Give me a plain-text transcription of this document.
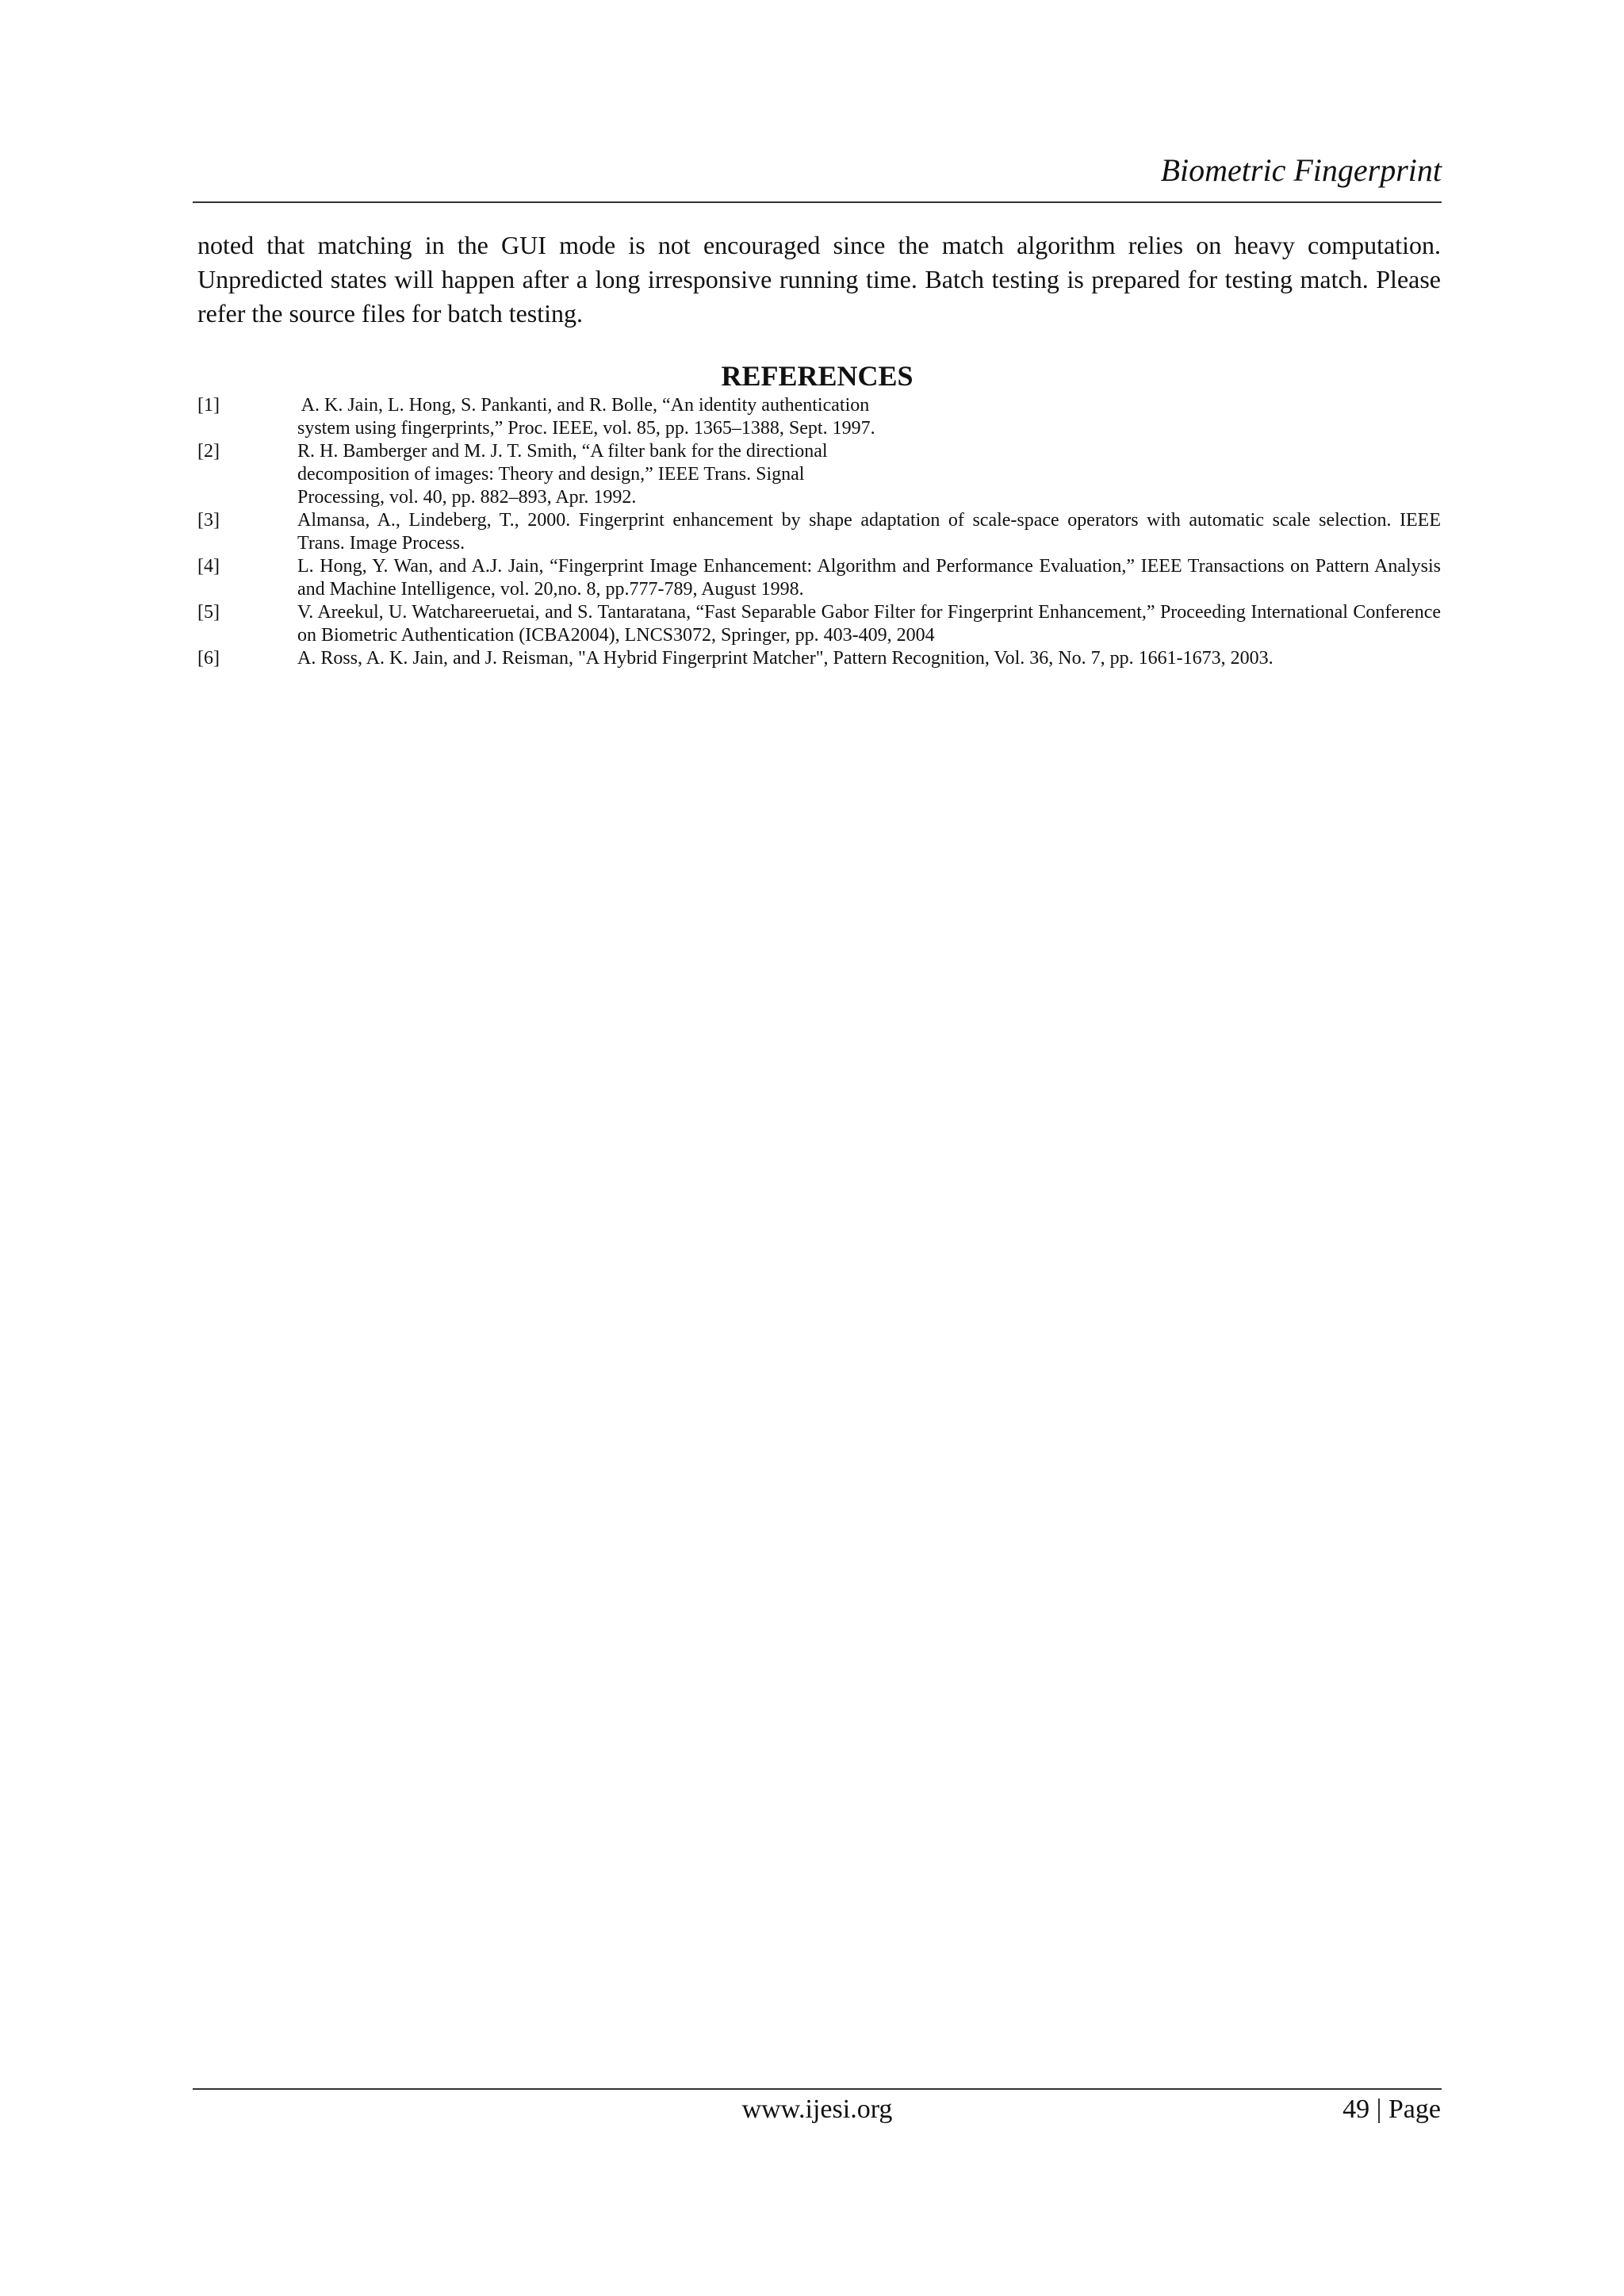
Biometric Fingerprint

noted that matching in the GUI mode is not encouraged since the match algorithm relies on heavy computation. Unpredicted states will happen after a long irresponsive running time. Batch testing is prepared for testing match. Please refer the source files for batch testing.

REFERENCES
[1]	A. K. Jain, L. Hong, S. Pankanti, and R. Bolle, “An identity authentication
system using fingerprints,” Proc. IEEE, vol. 85, pp. 1365–1388, Sept. 1997.
[2]	R. H. Bamberger and M. J. T. Smith, “A filter bank for the directional
decomposition of images: Theory and design,” IEEE Trans. Signal
Processing, vol. 40, pp. 882–893, Apr. 1992.
[3]	Almansa, A., Lindeberg, T., 2000. Fingerprint enhancement by shape adaptation of scale-space operators with automatic scale selection. IEEE    Trans. Image Process.
[4]	L. Hong, Y. Wan, and A.J. Jain, “Fingerprint Image Enhancement: Algorithm and Performance Evaluation,” IEEE Transactions on Pattern Analysis and Machine Intelligence, vol. 20,no. 8, pp.777-789, August 1998.
[5]	V. Areekul, U. Watchareeruetai, and S. Tantaratana, “Fast Separable Gabor Filter for Fingerprint Enhancement,” Proceeding International Conference on Biometric Authentication (ICBA2004), LNCS3072, Springer, pp. 403-409, 2004
[6]	A. Ross, A. K. Jain, and J. Reisman, "A Hybrid Fingerprint Matcher", Pattern Recognition, Vol. 36, No. 7, pp. 1661-1673, 2003.
www.ijesi.org	49 | Page
